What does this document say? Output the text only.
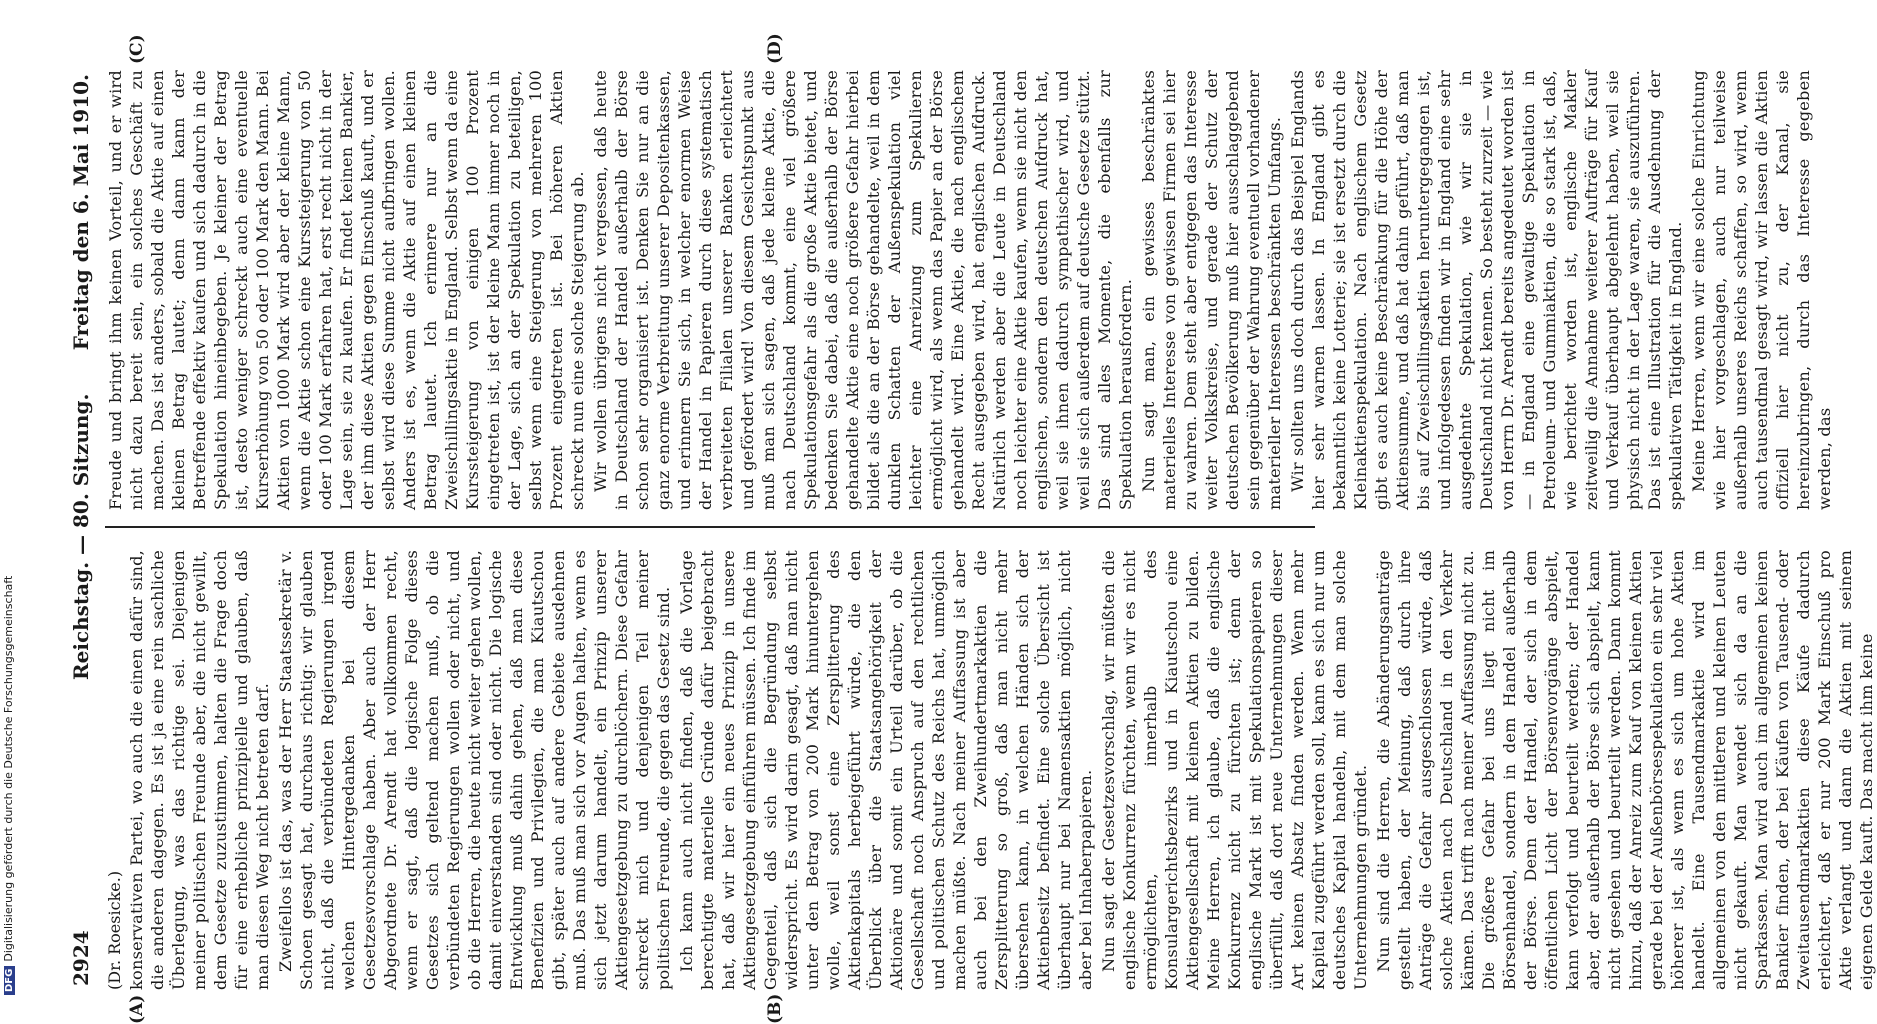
DFGDigitalisierung gefördert durch die Deutsche Forschungsgemeinschaft	2924
Reichstag. — 80. Sitzung.
Freitag den 6. Mai 1910.
(A)	(B)
(C)	(D)
(Dr. Roesicke.) konservativen Partei, wo auch die einen dafür sind, die anderen dagegen. Es ist ja eine rein sachliche Überlegung, was das richtige sei. Diejenigen meiner politischen Freunde aber, die nicht gewillt, dem Gesetze zuzustimmen, halten die Frage doch für eine erhebliche prinzipielle und glauben, daß man diesen Weg nicht betreten darf. Zweifellos ist das, was der Herr Staatssekretär v. Schoen gesagt hat, durchaus richtig: wir glauben nicht, daß die verbündeten Regierungen irgend welchen Hintergedanken bei diesem Gesetzesvorschlage haben. Aber auch der Herr Abgeordnete Dr. Arendt hat vollkommen recht, wenn er sagt, daß die logische Folge dieses Gesetzes sich geltend machen muß, ob die verbündeten Regierungen wollen oder nicht, und ob die Herren, die heute nicht weiter gehen wollen, damit einverstanden sind oder nicht. Die logische Entwicklung muß dahin gehen, daß man diese Benefizien und Privilegien, die man Kiautschou gibt, später auch auf andere Gebiete ausdehnen muß. Das muß man sich vor Augen halten, wenn es sich jetzt darum handelt, ein Prinzip unserer Aktiengesetzgebung zu durchlöchern. Diese Gefahr schreckt mich und denjenigen Teil meiner politischen Freunde, die gegen das Gesetz sind. Ich kann auch nicht finden, daß die Vorlage berechtigte materielle Gründe dafür beigebracht hat, daß wir hier ein neues Prinzip in unsere Aktiengesetzgebung einführen müssen. Ich finde im Gegenteil, daß sich die Begründung selbst widerspricht. Es wird darin gesagt, daß man nicht unter den Betrag von 200 Mark hinuntergehen wolle, weil sonst eine Zersplitterung des Aktienkapitals herbeigeführt würde, die den Überblick über die Staatsangehörigkeit der Aktionäre und somit ein Urteil darüber, ob die Gesellschaft noch Anspruch auf den rechtlichen und politischen Schutz des Reichs hat, unmöglich machen müßte. Nach meiner Auffassung ist aber auch bei den Zweihundertmarkaktien die Zersplitterung so groß, daß man nicht mehr übersehen kann, in welchen Händen sich der Aktienbesitz befindet. Eine solche Übersicht ist überhaupt nur bei Namensaktien möglich, nicht aber bei Inhaberpapieren. Nun sagt der Gesetzesvorschlag, wir müßten die englische Konkurrenz fürchten, wenn wir es nicht ermöglichten, innerhalb des Konsulargerichtsbezirks und in Kiautschou eine Aktiengesellschaft mit kleinen Aktien zu bilden. Meine Herren, ich glaube, daß die englische Konkurrenz nicht zu fürchten ist; denn der englische Markt ist mit Spekulationspapieren so überfüllt, daß dort neue Unternehmungen dieser Art keinen Absatz finden werden. Wenn mehr Kapital zugeführt werden soll, kann es sich nur um deutsches Kapital handeln, mit dem man solche Unternehmungen gründet. Nun sind die Herren, die Abänderungsanträge gestellt haben, der Meinung, daß durch ihre Anträge die Gefahr ausgeschlossen würde, daß solche Aktien nach Deutschland in den Verkehr kämen. Das trifft nach meiner Auffassung nicht zu. Die größere Gefahr bei uns liegt nicht im Börsenhandel, sondern in dem Handel außerhalb der Börse. Denn der Handel, der sich in dem öffentlichen Licht der Börsenvorgänge abspielt, kann verfolgt und beurteilt werden; der Handel aber, der außerhalb der Börse sich abspielt, kann nicht gesehen und beurteilt werden. Dann kommt hinzu, daß der Anreiz zum Kauf von kleinen Aktien gerade bei der Außenbörsespekulation ein sehr viel höherer ist, als wenn es sich um hohe Aktien handelt. Eine Tausendmarkaktie wird im allgemeinen von den mittleren und kleinen Leuten nicht gekauft. Man wendet sich da an die Sparkassen. Man wird auch im allgemeinen keinen Bankier finden, der bei Käufen von Tausend- oder Zweitausendmarkaktien diese Käufe dadurch erleichtert, daß er nur 200 Mark Einschuß pro Aktie verlangt und dann die Aktien mit seinem eigenen Gelde kauft. Das macht ihm keine

Freude und bringt ihm keinen Vorteil, und er wird nicht dazu bereit sein, ein solches Geschäft zu machen. Das ist anders, sobald die Aktie auf einen kleinen Betrag lautet; denn dann kann der Betreffende effektiv kaufen und sich dadurch in die Spekulation hineinbegeben. Je kleiner der Betrag ist, desto weniger schreckt auch eine eventuelle Kurserhöhung von 50 oder 100 Mark den Mann. Bei Aktien von 1000 Mark wird aber der kleine Mann, wenn die Aktie schon eine Kurssteigerung von 50 oder 100 Mark erfahren hat, erst recht nicht in der Lage sein, sie zu kaufen. Er findet keinen Bankier, der ihm diese Aktien gegen Einschuß kauft, und er selbst wird diese Summe nicht aufbringen wollen. Anders ist es, wenn die Aktie auf einen kleinen Betrag lautet. Ich erinnere nur an die Zweischillingsaktie in England. Selbst wenn da eine Kurssteigerung von einigen 100 Prozent eingetreten ist, ist der kleine Mann immer noch in der Lage, sich an der Spekulation zu beteiligen, selbst wenn eine Steigerung von mehreren 100 Prozent eingetreten ist. Bei höheren Aktien schreckt nun eine solche Steigerung ab. Wir wollen übrigens nicht vergessen, daß heute in Deutschland der Handel außerhalb der Börse schon sehr organisiert ist. Denken Sie nur an die ganz enorme Verbreitung unserer Depositenkassen, und erinnern Sie sich, in welcher enormen Weise der Handel in Papieren durch diese systematisch verbreiteten Filialen unserer Banken erleichtert und gefördert wird! Von diesem Gesichtspunkt aus muß man sich sagen, daß jede kleine Aktie, die nach Deutschland kommt, eine viel größere Spekulationsgefahr als die große Aktie bietet, und bedenken Sie dabei, daß die außerhalb der Börse gehandelte Aktie eine noch größere Gefahr hierbei bildet als die an der Börse gehandelte, weil in dem dunklen Schatten der Außenspekulation viel leichter eine Anreizung zum Spekulieren ermöglicht wird, als wenn das Papier an der Börse gehandelt wird. Eine Aktie, die nach englischem Recht ausgegeben wird, hat englischen Aufdruck. Natürlich werden aber die Leute in Deutschland noch leichter eine Aktie kaufen, wenn sie nicht den englischen, sondern den deutschen Aufdruck hat, weil sie ihnen dadurch sympathischer wird, und weil sie sich außerdem auf deutsche Gesetze stützt. Das sind alles Momente, die ebenfalls zur Spekulation herausfordern. Nun sagt man, ein gewisses beschränktes materielles Interesse von gewissen Firmen sei hier zu wahren. Dem steht aber entgegen das Interesse weiter Volkskreise, und gerade der Schutz der deutschen Bevölkerung muß hier ausschlaggebend sein gegenüber der Wahrung eventuell vorhandener materieller Interessen beschränkten Umfangs. Wir sollten uns doch durch das Beispiel Englands hier sehr warnen lassen. In England gibt es bekanntlich keine Lotterie; sie ist ersetzt durch die Kleinaktienspekulation. Nach englischem Gesetz gibt es auch keine Beschränkung für die Höhe der Aktiensumme, und daß hat dahin geführt, daß man bis auf Zweischillingsaktien heruntergegangen ist, und infolgedessen finden wir in England eine sehr ausgedehnte Spekulation, wie wir sie in Deutschland nicht kennen. So besteht zurzeit — wie von Herrn Dr. Arendt bereits angedeutet worden ist — in England eine gewaltige Spekulation in Petroleum- und Gummiaktien, die so stark ist, daß, wie berichtet worden ist, englische Makler zeitweilig die Annahme weiterer Aufträge für Kauf und Verkauf überhaupt abgelehnt haben, weil sie physisch nicht in der Lage waren, sie auszuführen. Das ist eine Illustration für die Ausdehnung der spekulativen Tätigkeit in England. Meine Herren, wenn wir eine solche Einrichtung wie hier vorgeschlagen, auch nur teilweise außerhalb unseres Reichs schaffen, so wird, wenn auch tausendmal gesagt wird, wir lassen die Aktien offiziell hier nicht zu, der Kanal, sie hereinzubringen, durch das Interesse gegeben werden, das
